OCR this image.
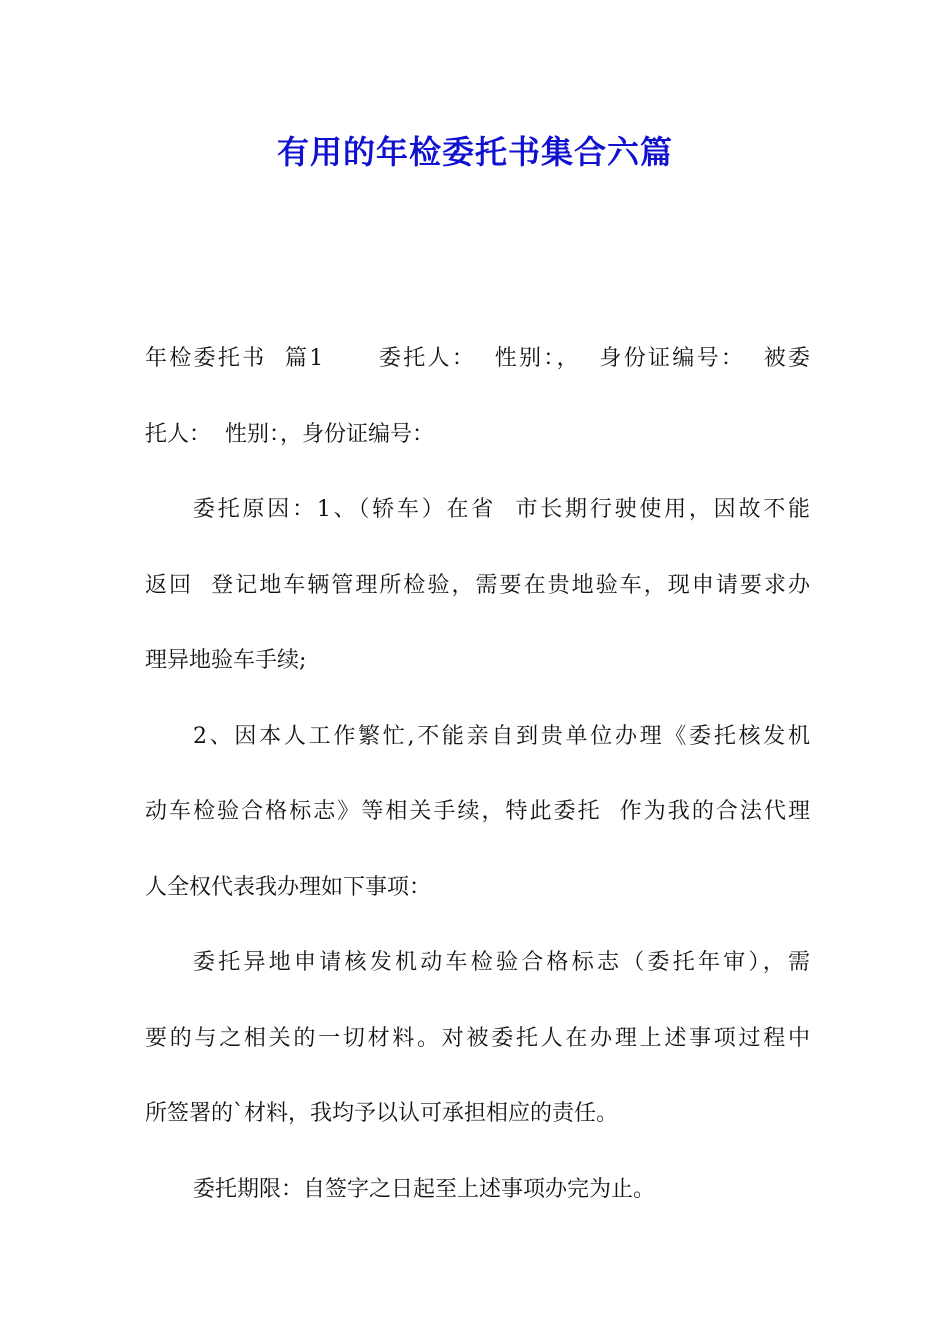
有用的年检委托书集合六篇
年检委托书  篇1      委托人：  性别：，  身份证编号：  被委
托人：  性别：，身份证编号：
委托原因：1、（轿车）在省  市长期行驶使用，因故不能
返回  登记地车辆管理所检验，需要在贵地验车，现申请要求办
理异地验车手续;
2、因本人工作繁忙,不能亲自到贵单位办理《委托核发机
动车检验合格标志》等相关手续，特此委托  作为我的合法代理
人全权代表我办理如下事项：
委托异地申请核发机动车检验合格标志（委托年审），需
要的与之相关的一切材料。对被委托人在办理上述事项过程中
所签署的`材料，我均予以认可承担相应的责任。
委托期限：自签字之日起至上述事项办完为止。
